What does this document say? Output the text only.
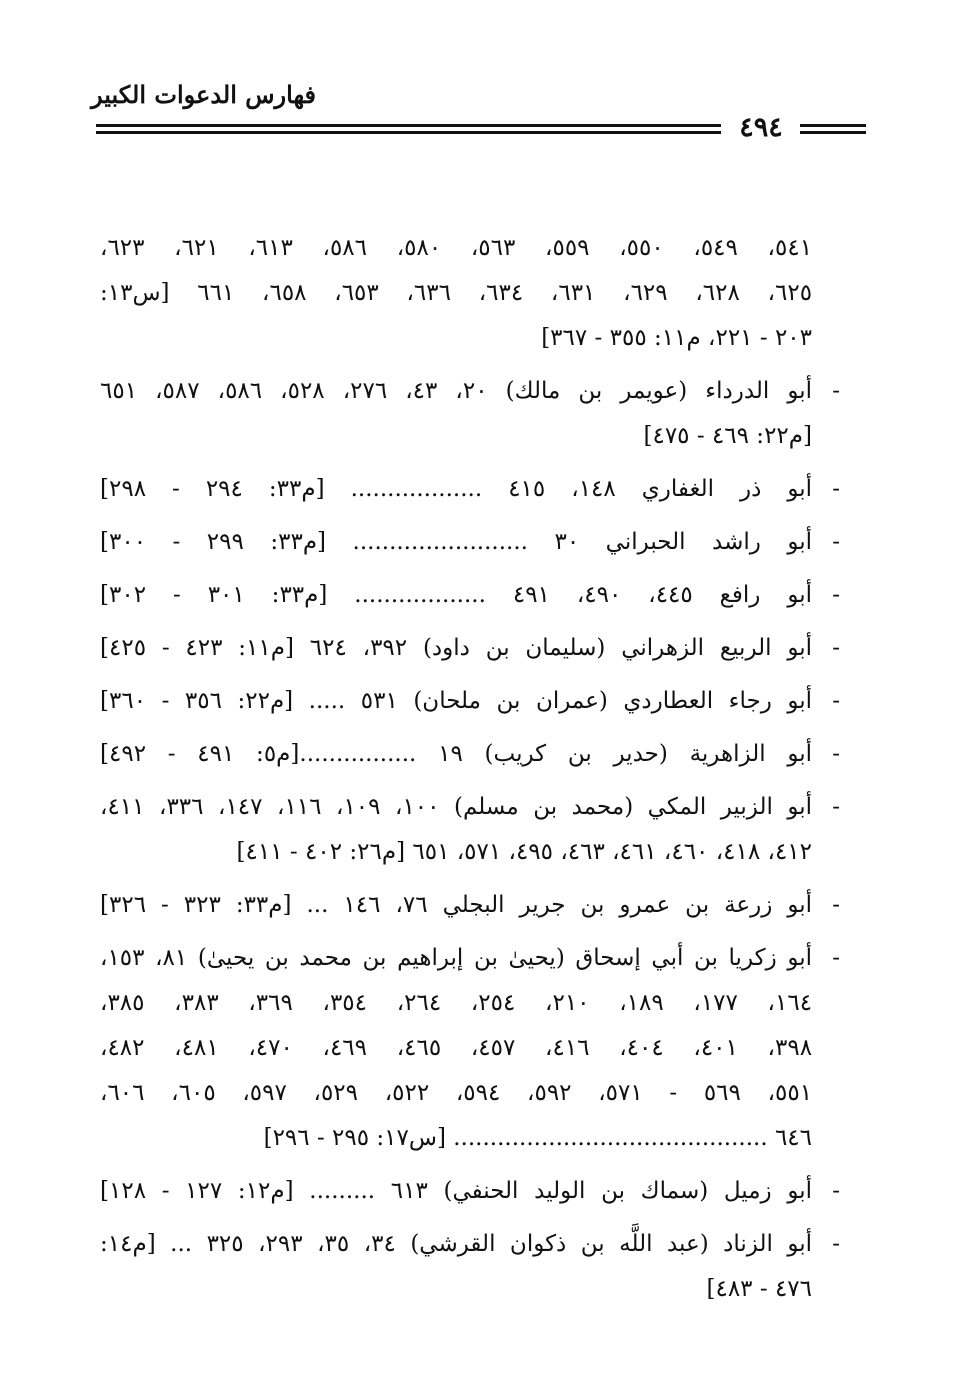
فهارس الدعوات الكبير
٤٩٤
٥٤١، ٥٤٩، ٥٥٠، ٥٥٩، ٥٦٣، ٥٨٠، ٥٨٦، ٦١٣، ٦٢١، ٦٢٣،
٦٢٥، ٦٢٨، ٦٢٩، ٦٣١، ٦٣٤، ٦٣٦، ٦٥٣، ٦٥٨، ٦٦١ [س١٣:
٢٠٣ - ٢٢١، م١١: ٣٥٥ - ٣٦٧]
-
أبو الدرداء (عويمر بن مالك) ٢٠، ٤٣، ٢٧٦، ٥٢٨، ٥٨٦، ٥٨٧، ٦٥١
[م٢٢: ٤٦٩ - ٤٧٥]
-
أبو ذر الغفاري ١٤٨، ٤١٥ .................. [م٣٣: ٢٩٤ - ٢٩٨]
-
أبو راشد الحبراني ٣٠ ........................ [م٣٣: ٢٩٩ - ٣٠٠]
-
أبو رافع ٤٤٥، ٤٩٠، ٤٩١ .................. [م٣٣: ٣٠١ - ٣٠٢]
-
أبو الربيع الزهراني (سليمان بن داود) ٣٩٢، ٦٢٤ [م١١: ٤٢٣ - ٤٢٥]
-
أبو رجاء العطاردي (عمران بن ملحان) ٥٣١ ..... [م٢٢: ٣٥٦ - ٣٦٠]
-
أبو الزاهرية (حدير بن كريب) ١٩ ................[م٥: ٤٩١ - ٤٩٢]
-
أبو الزبير المكي (محمد بن مسلم) ١٠٠، ١٠٩، ١١٦، ١٤٧، ٣٣٦، ٤١١،
٤١٢، ٤١٨، ٤٦٠، ٤٦١، ٤٦٣، ٤٩٥، ٥٧١، ٦٥١ [م٢٦: ٤٠٢ - ٤١١]
-
أبو زرعة بن عمرو بن جرير البجلي ٧٦، ١٤٦ ... [م٣٣: ٣٢٣ - ٣٢٦]
-
أبو زكريا بن أبي إسحاق (يحيىٰ بن إبراهيم بن محمد بن يحيىٰ) ٨١، ١٥٣،
١٦٤، ١٧٧، ١٨٩، ٢١٠، ٢٥٤، ٢٦٤، ٣٥٤، ٣٦٩، ٣٨٣، ٣٨٥،
٣٩٨، ٤٠١، ٤٠٤، ٤١٦، ٤٥٧، ٤٦٥، ٤٦٩، ٤٧٠، ٤٨١، ٤٨٢،
٥٥١، ٥٦٩ - ٥٧١، ٥٩٢، ٥٩٤، ٥٢٢، ٥٢٩، ٥٩٧، ٦٠٥، ٦٠٦،
٦٤٦ ........................................... [س١٧: ٢٩٥ - ٢٩٦]
-
أبو زميل (سماك بن الوليد الحنفي) ٦١٣ ......... [م١٢: ١٢٧ - ١٢٨]
-
أبو الزناد (عبد اللَّه بن ذكوان القرشي) ٣٤، ٣٥، ٢٩٣، ٣٢٥ ... [م١٤:
٤٧٦ - ٤٨٣]
